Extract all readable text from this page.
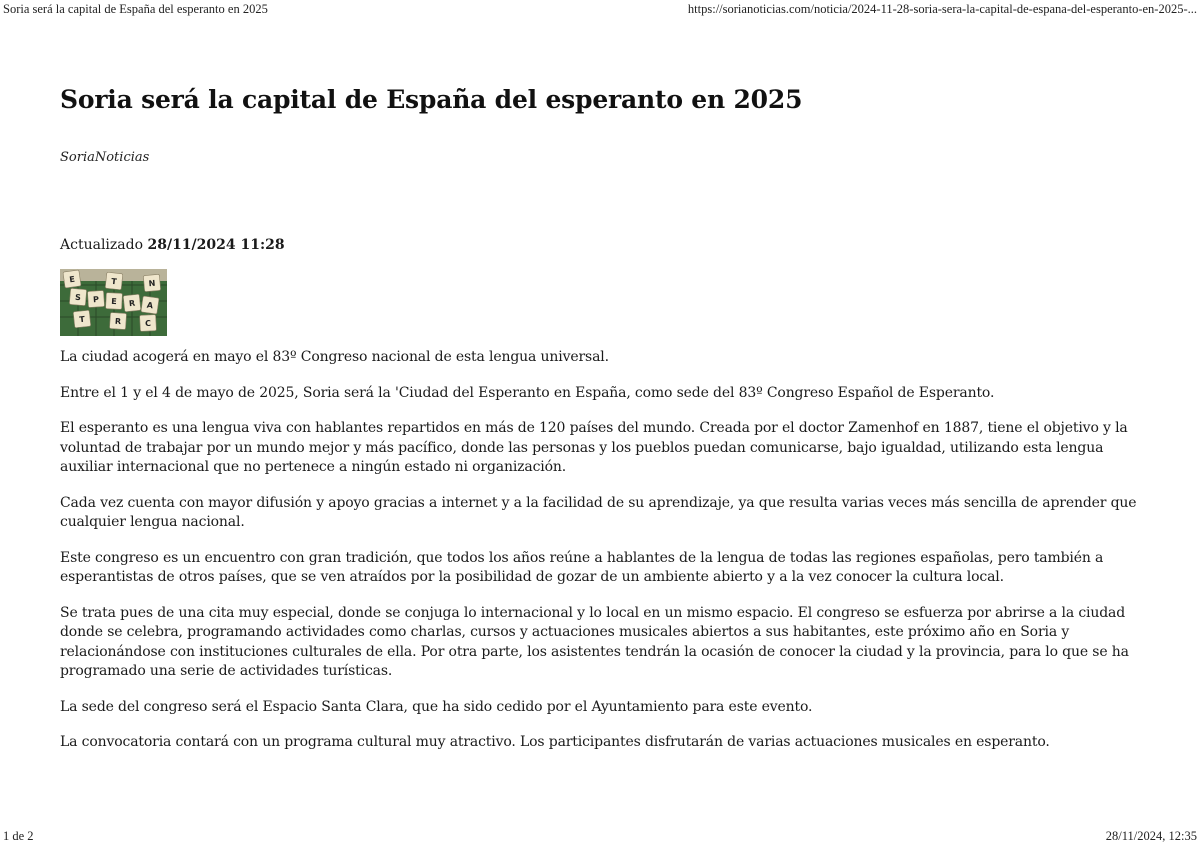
Soria será la capital de España del esperanto en 2025	https://sorianoticias.com/noticia/2024-11-28-soria-sera-la-capital-de-espana-del-esperanto-en-2025-...
Soria será la capital de España del esperanto en 2025
SoriaNoticias
Actualizado 28/11/2024 11:28
E	T	N
S P E R A
T	R	C

La ciudad acogerá en mayo el 83º Congreso nacional de esta lengua universal.

Entre el 1 y el 4 de mayo de 2025, Soria será la 'Ciudad del Esperanto en España, como sede del 83º Congreso Español de Esperanto.

El esperanto es una lengua viva con hablantes repartidos en más de 120 países del mundo. Creada por el doctor Zamenhof en 1887, tiene el objetivo y la voluntad de trabajar por un mundo mejor y más pacífico, donde las personas y los pueblos puedan comunicarse, bajo igualdad, utilizando esta lengua auxiliar internacional que no pertenece a ningún estado ni organización.

Cada vez cuenta con mayor difusión y apoyo gracias a internet y a la facilidad de su aprendizaje, ya que resulta varias veces más sencilla de aprender que cualquier lengua nacional.

Este congreso es un encuentro con gran tradición, que todos los años reúne a hablantes de la lengua de todas las regiones españolas, pero también a esperantistas de otros países, que se ven atraídos por la posibilidad de gozar de un ambiente abierto y a la vez conocer la cultura local.

Se trata pues de una cita muy especial, donde se conjuga lo internacional y lo local en un mismo espacio. El congreso se esfuerza por abrirse a la ciudad donde se celebra, programando actividades como charlas, cursos y actuaciones musicales abiertos a sus habitantes, este próximo año en Soria y relacionándose con instituciones culturales de ella. Por otra parte, los asistentes tendrán la ocasión de conocer la ciudad y la provincia, para lo que se ha programado una serie de actividades turísticas.

La sede del congreso será el Espacio Santa Clara, que ha sido cedido por el Ayuntamiento para este evento.

La convocatoria contará con un programa cultural muy atractivo. Los participantes disfrutarán de varias actuaciones musicales en esperanto.

1 de 2	28/11/2024, 12:35
